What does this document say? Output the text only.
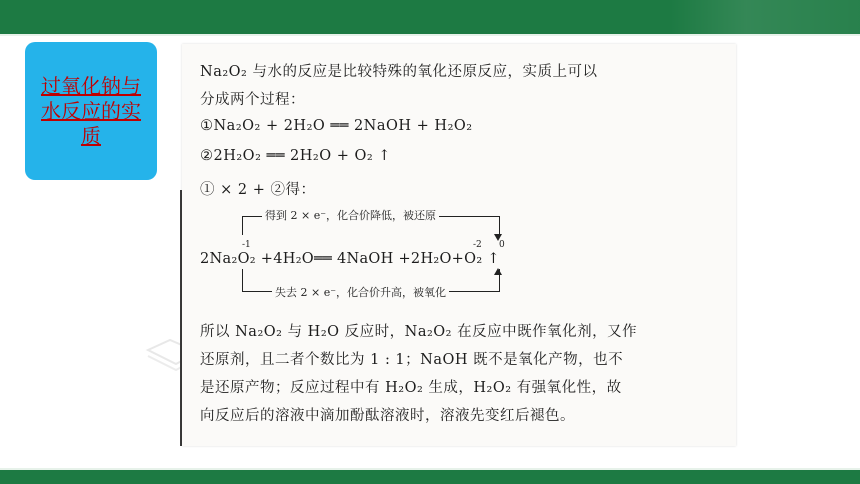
过氧化钠与水反应的实质
Na₂O₂ 与水的反应是比较特殊的氧化还原反应，实质上可以
分成两个过程：
①Na₂O₂ + 2H₂O ══ 2NaOH + H₂O₂
②2H₂O₂ ══ 2H₂O + O₂ ↑
① × 2 + ②得：
得到 2 × e⁻，化合价降低，被还原
-1	-2 0
2Na₂O₂ +4H₂O══ 4NaOH +2H₂O+O₂ ↑
失去 2 × e⁻，化合价升高，被氧化
所以 Na₂O₂ 与 H₂O 反应时，Na₂O₂ 在反应中既作氧化剂，又作
还原剂，且二者个数比为 1 : 1；NaOH 既不是氧化产物，也不
是还原产物；反应过程中有 H₂O₂ 生成，H₂O₂ 有强氧化性，故
向反应后的溶液中滴加酚酞溶液时，溶液先变红后褪色。
